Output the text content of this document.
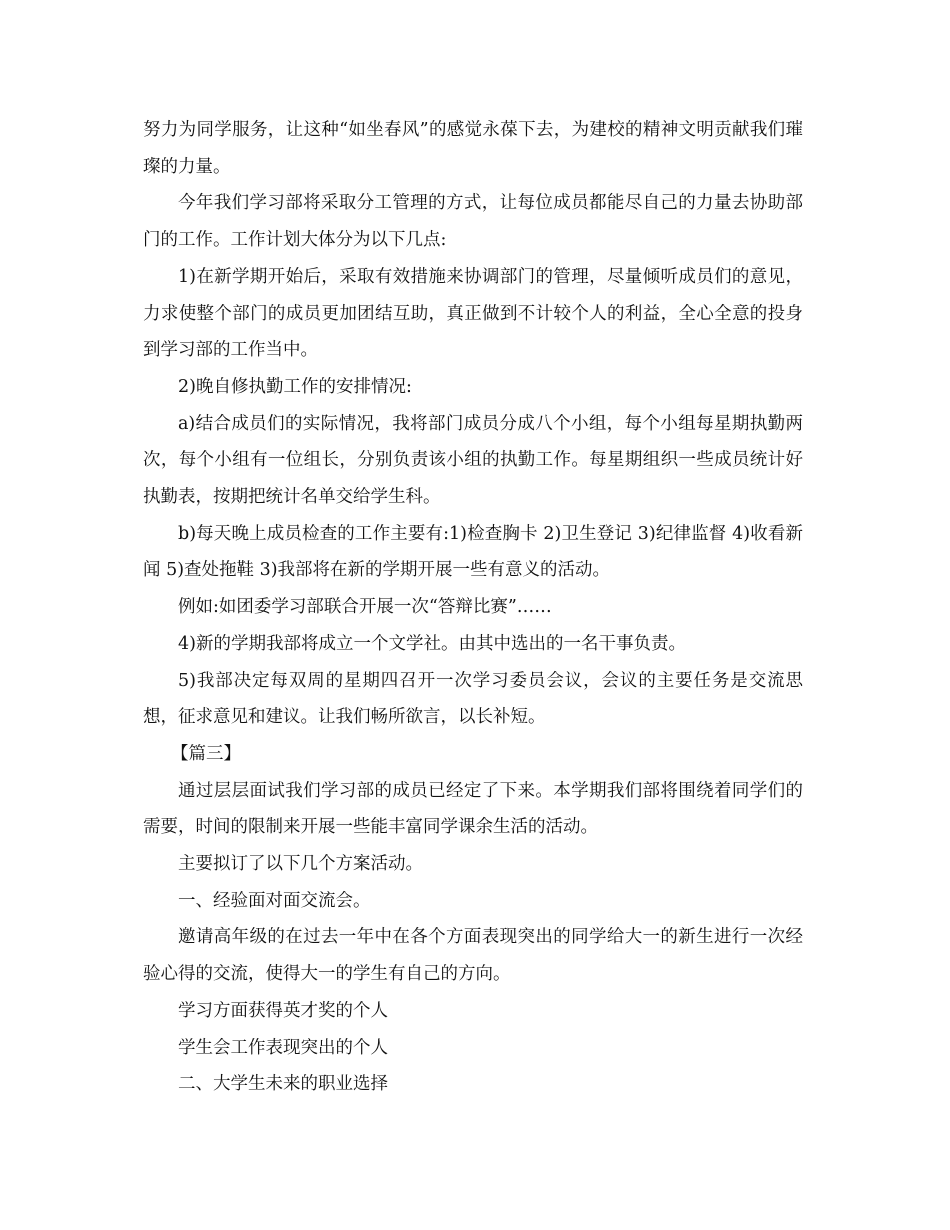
努力为同学服务，让这种“如坐春风”的感觉永葆下去，为建校的精神文明贡献我们璀璨的力量。

今年我们学习部将采取分工管理的方式，让每位成员都能尽自己的力量去协助部门的工作。工作计划大体分为以下几点:

1)在新学期开始后，采取有效措施来协调部门的管理，尽量倾听成员们的意见，力求使整个部门的成员更加团结互助，真正做到不计较个人的利益，全心全意的投身到学习部的工作当中。

2)晚自修执勤工作的安排情况:

a)结合成员们的实际情况，我将部门成员分成八个小组，每个小组每星期执勤两次，每个小组有一位组长，分别负责该小组的执勤工作。每星期组织一些成员统计好执勤表，按期把统计名单交给学生科。

b)每天晚上成员检查的工作主要有:1)检查胸卡 2)卫生登记 3)纪律监督 4)收看新闻 5)查处拖鞋 3)我部将在新的学期开展一些有意义的活动。

例如:如团委学习部联合开展一次“答辩比赛”……

4)新的学期我部将成立一个文学社。由其中选出的一名干事负责。

5)我部决定每双周的星期四召开一次学习委员会议，会议的主要任务是交流思想，征求意见和建议。让我们畅所欲言，以长补短。

【篇三】

通过层层面试我们学习部的成员已经定了下来。本学期我们部将围绕着同学们的需要，时间的限制来开展一些能丰富同学课余生活的活动。

主要拟订了以下几个方案活动。

一、经验面对面交流会。

邀请高年级的在过去一年中在各个方面表现突出的同学给大一的新生进行一次经验心得的交流，使得大一的学生有自己的方向。

学习方面获得英才奖的个人

学生会工作表现突出的个人

二、大学生未来的职业选择
